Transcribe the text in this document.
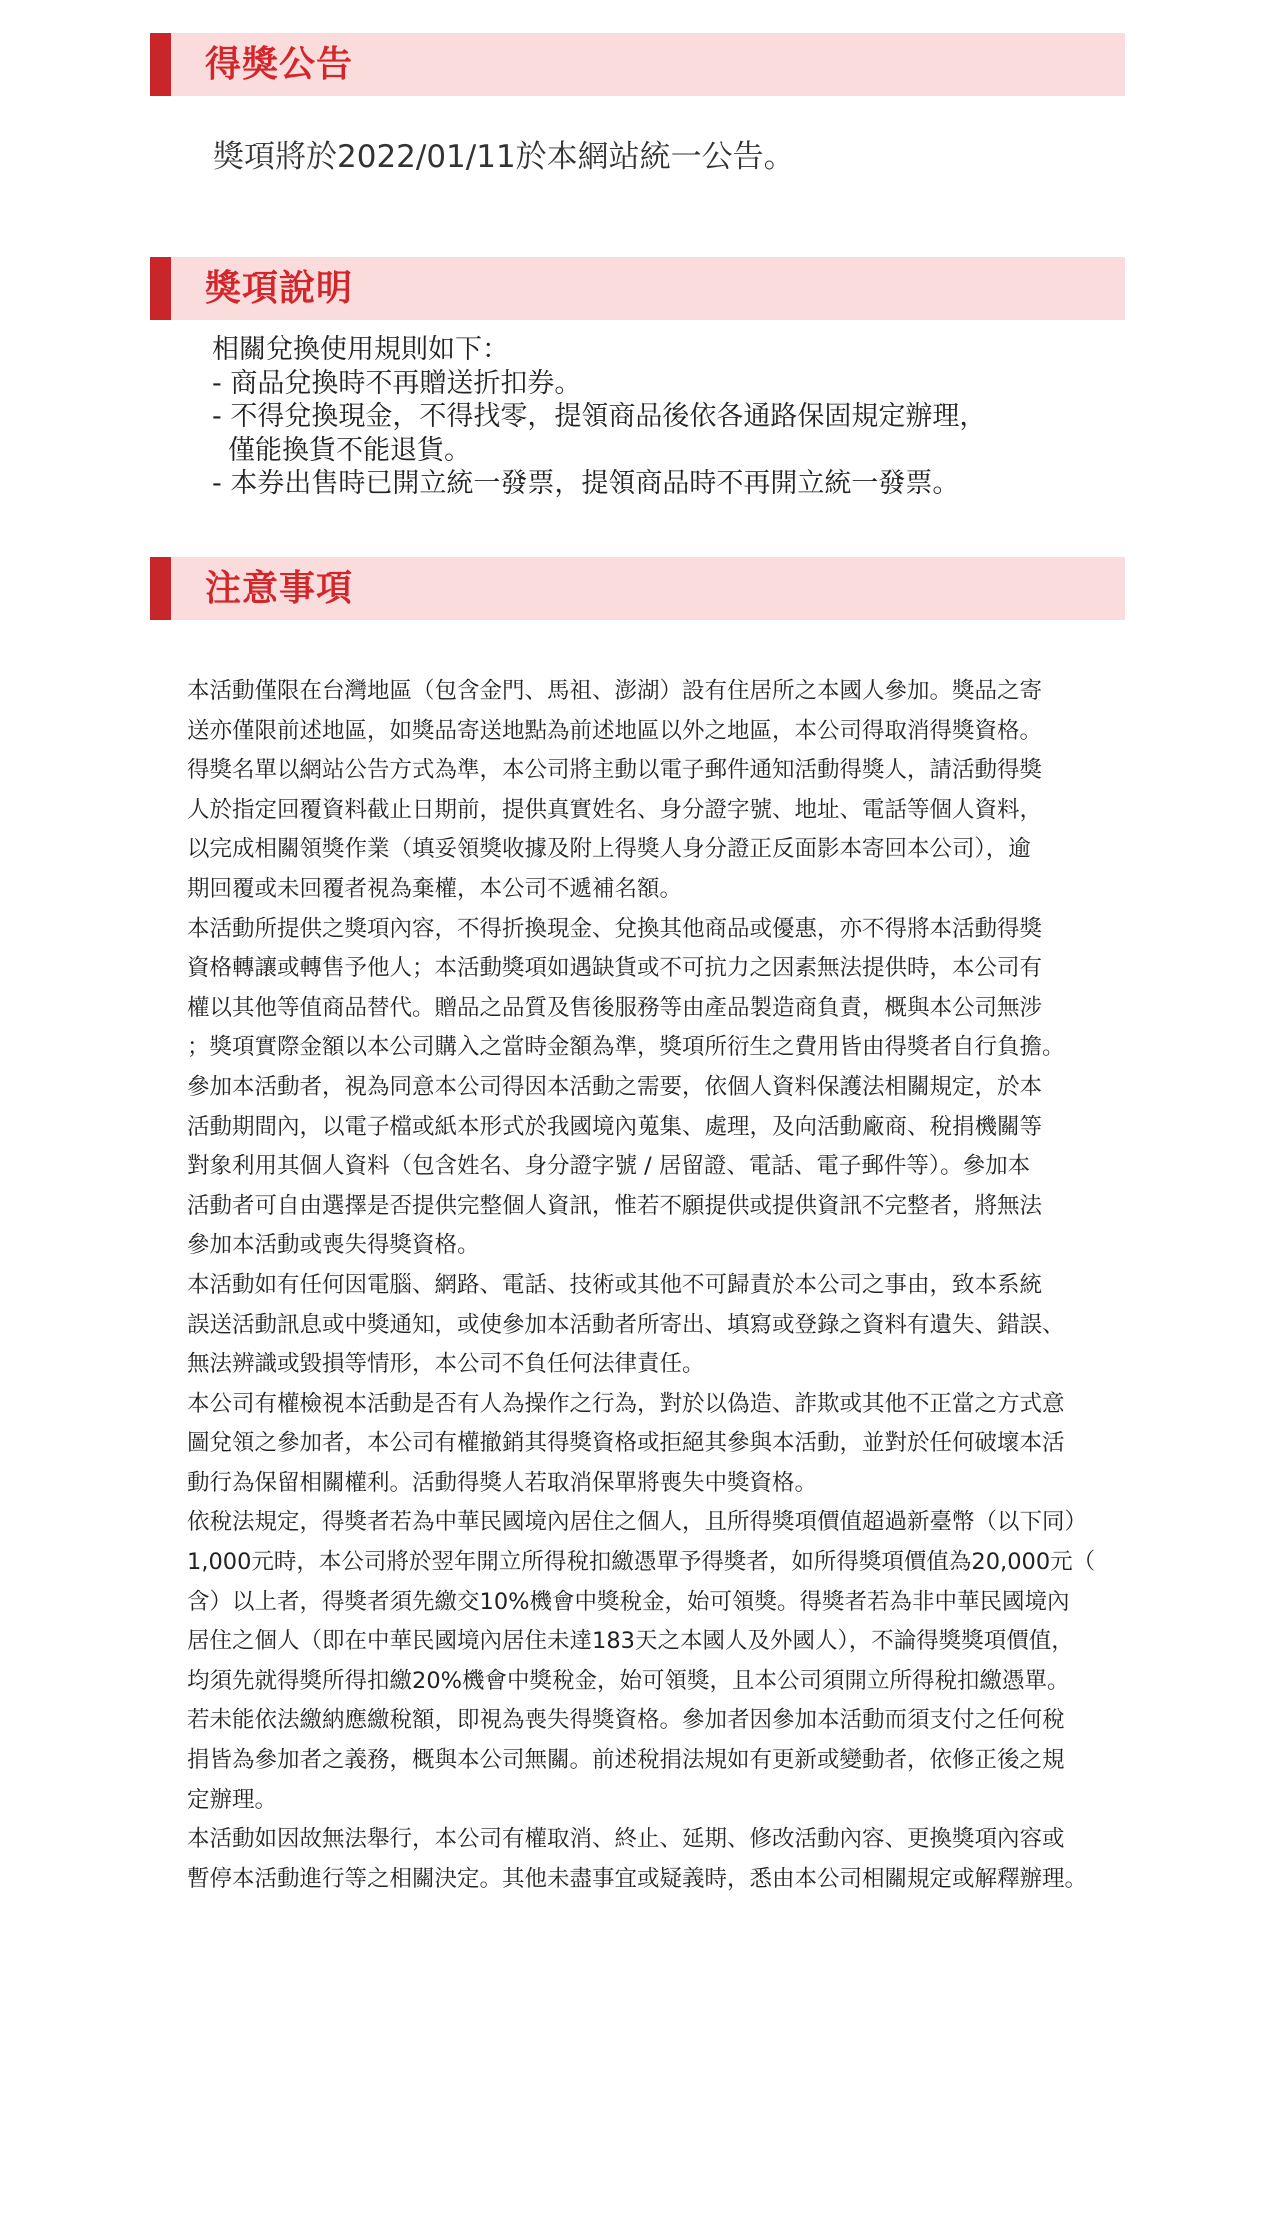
得獎公告
獎項將於2022/01/11於本網站統一公告。
獎項說明
相關兌換使用規則如下：
- 商品兌換時不再贈送折扣券。
- 不得兌換現金，不得找零，提領商品後依各通路保固規定辦理，
僅能換貨不能退貨。
- 本券出售時已開立統一發票，提領商品時不再開立統一發票。
注意事項
本活動僅限在台灣地區（包含金門、馬祖、澎湖）設有住居所之本國人參加。獎品之寄
送亦僅限前述地區，如獎品寄送地點為前述地區以外之地區，本公司得取消得獎資格。
得獎名單以網站公告方式為準，本公司將主動以電子郵件通知活動得獎人，請活動得獎
人於指定回覆資料截止日期前，提供真實姓名、身分證字號、地址、電話等個人資料，
以完成相關領獎作業（填妥領獎收據及附上得獎人身分證正反面影本寄回本公司），逾
期回覆或未回覆者視為棄權，本公司不遞補名額。
本活動所提供之獎項內容，不得折換現金、兌換其他商品或優惠，亦不得將本活動得獎
資格轉讓或轉售予他人；本活動獎項如遇缺貨或不可抗力之因素無法提供時，本公司有
權以其他等值商品替代。贈品之品質及售後服務等由產品製造商負責，概與本公司無涉
；獎項實際金額以本公司購入之當時金額為準，獎項所衍生之費用皆由得獎者自行負擔。
參加本活動者，視為同意本公司得因本活動之需要，依個人資料保護法相關規定，於本
活動期間內，以電子檔或紙本形式於我國境內蒐集、處理，及向活動廠商、稅捐機關等
對象利用其個人資料（包含姓名、身分證字號 / 居留證、電話、電子郵件等）。參加本
活動者可自由選擇是否提供完整個人資訊，惟若不願提供或提供資訊不完整者，將無法
參加本活動或喪失得獎資格。
本活動如有任何因電腦、網路、電話、技術或其他不可歸責於本公司之事由，致本系統
誤送活動訊息或中獎通知，或使參加本活動者所寄出、填寫或登錄之資料有遺失、錯誤、
無法辨識或毀損等情形，本公司不負任何法律責任。
本公司有權檢視本活動是否有人為操作之行為，對於以偽造、詐欺或其他不正當之方式意
圖兌領之參加者，本公司有權撤銷其得獎資格或拒絕其參與本活動，並對於任何破壞本活
動行為保留相關權利。活動得獎人若取消保單將喪失中獎資格。
依稅法規定，得獎者若為中華民國境內居住之個人，且所得獎項價值超過新臺幣（以下同）
1,000元時，本公司將於翌年開立所得稅扣繳憑單予得獎者，如所得獎項價值為20,000元（
含）以上者，得獎者須先繳交10%機會中獎稅金，始可領獎。得獎者若為非中華民國境內
居住之個人（即在中華民國境內居住未達183天之本國人及外國人），不論得獎獎項價值，
均須先就得獎所得扣繳20%機會中獎稅金，始可領獎，且本公司須開立所得稅扣繳憑單。
若未能依法繳納應繳稅額，即視為喪失得獎資格。參加者因參加本活動而須支付之任何稅
捐皆為參加者之義務，概與本公司無關。前述稅捐法規如有更新或變動者，依修正後之規
定辦理。
本活動如因故無法舉行，本公司有權取消、終止、延期、修改活動內容、更換獎項內容或
暫停本活動進行等之相關決定。其他未盡事宜或疑義時，悉由本公司相關規定或解釋辦理。
